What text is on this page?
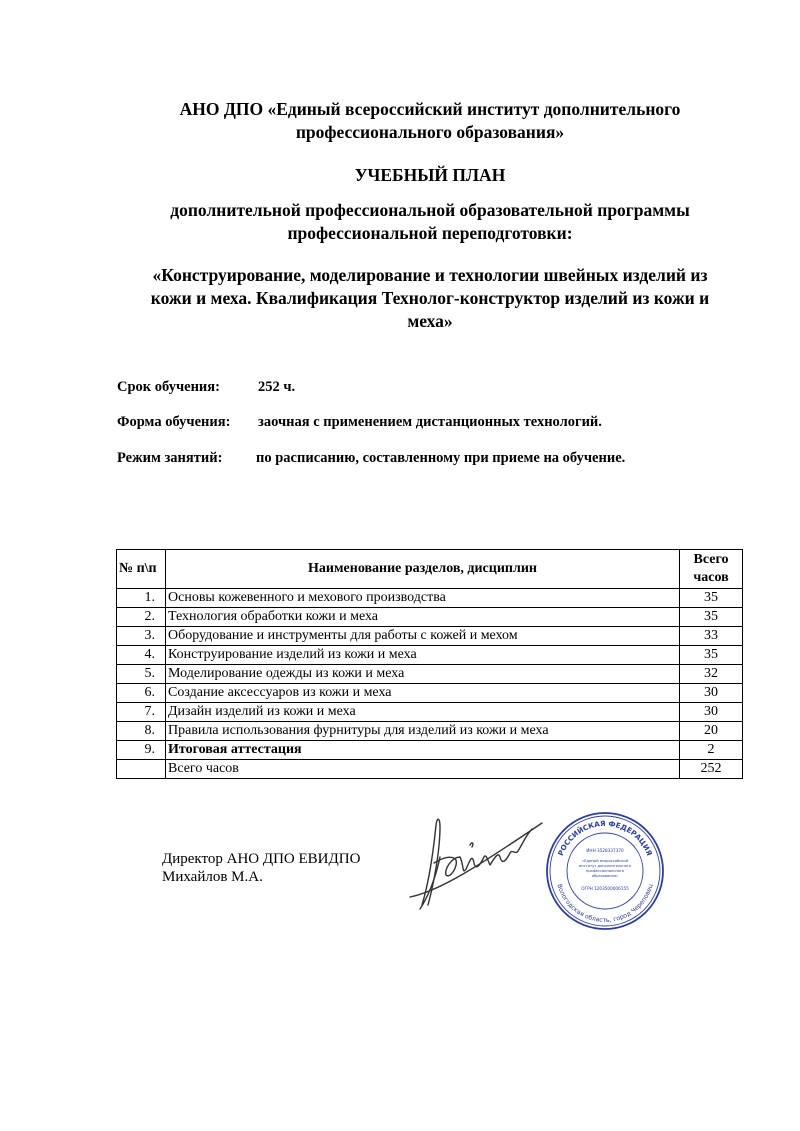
АНО ДПО «Единый всероссийский институт дополнительного
профессионального образования»
УЧЕБНЫЙ ПЛАН
дополнительной профессиональной образовательной программы
профессиональной переподготовки:
«Конструирование, моделирование и технологии швейных изделий из
кожи и меха. Квалификация Технолог-конструктор изделий из кожи и
меха»
Срок обучения:	252 ч.
Форма обучения: заочная с применением дистанционных технологий.
Режим занятий: по расписанию, составленному при приеме на обучение.
№ п\п	Наименование разделов, дисциплин	Всего
часов

1.	Основы кожевенного и мехового производства	35
2.	Технология обработки кожи и меха	35
3.	Оборудование и инструменты для работы с кожей и мехом	33
4.	Конструирование изделий из кожи и меха	35
5.	Моделирование одежды из кожи и меха	32
6.	Создание аксессуаров из кожи и меха	30
7.	Дизайн изделий из кожи и меха	30
8.	Правила использования фурнитуры для изделий из кожи и меха	20
9.	Итоговая аттестация	2
	Всего часов	252
Директор АНО ДПО ЕВИДПО
Михайлов М.А.
РОССИЙСКАЯ ФЕДЕРАЦИЯ
Вологодская область, город Череповец
ИНН 3528337370
ОГРН 1203500006155
«Единый всероссийский
институт дополнительного
профессионального
образования»
